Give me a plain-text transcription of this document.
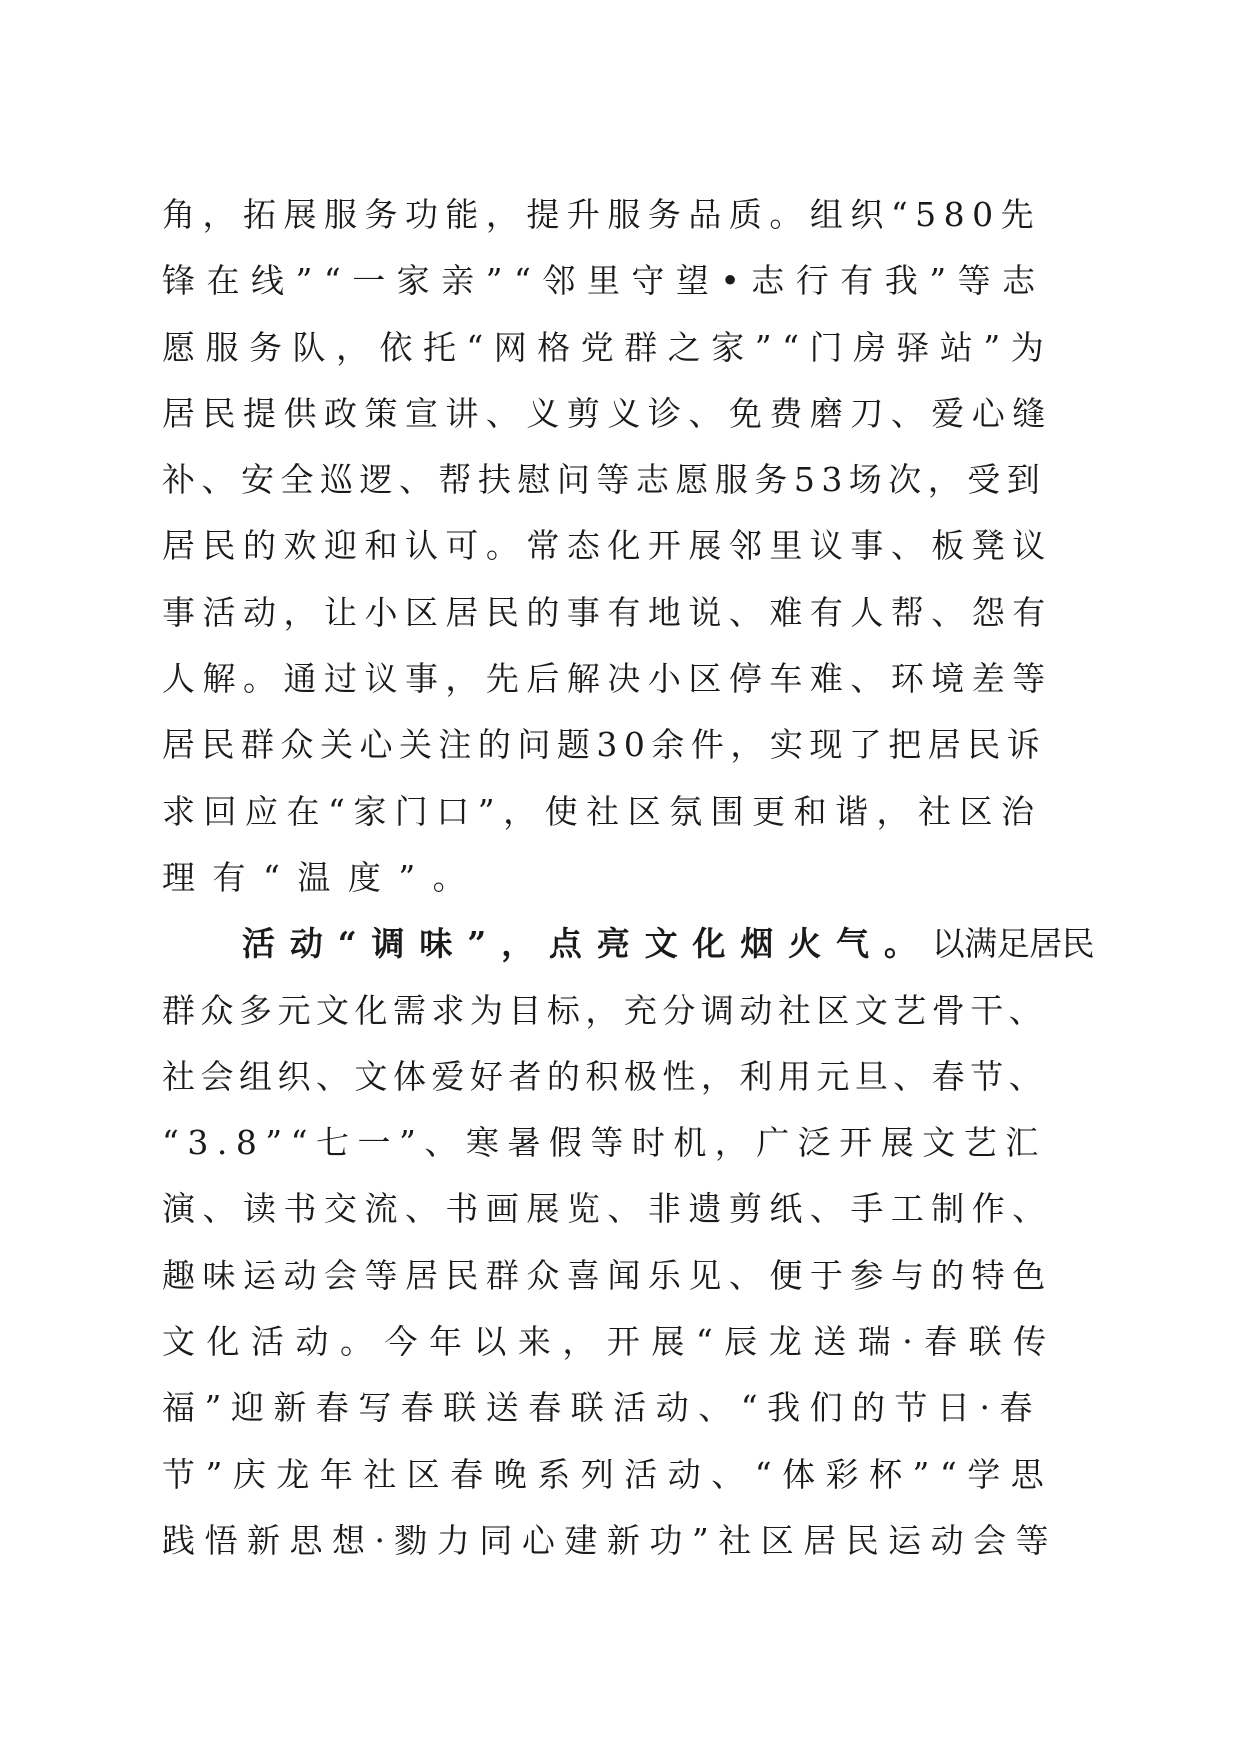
角，拓展服务功能，提升服务品质。组织“580先
锋在线”“一家亲”“邻里守望•志行有我”等志
愿服务队，依托“网格党群之家”“门房驿站”为
居民提供政策宣讲、义剪义诊、免费磨刀、爱心缝
补、安全巡逻、帮扶慰问等志愿服务53场次，受到
居民的欢迎和认可。常态化开展邻里议事、板凳议
事活动，让小区居民的事有地说、难有人帮、怨有
人解。通过议事，先后解决小区停车难、环境差等
居民群众关心关注的问题30余件，实现了把居民诉
求回应在“家门口”，使社区氛围更和谐，社区治
理有“温度”。
活动“调味”，点亮文化烟火气。以满足居民
群众多元文化需求为目标，充分调动社区文艺骨干、
社会组织、文体爱好者的积极性，利用元旦、春节、
“3.8”“七一”、寒暑假等时机，广泛开展文艺汇
演、读书交流、书画展览、非遗剪纸、手工制作、
趣味运动会等居民群众喜闻乐见、便于参与的特色
文化活动。今年以来，开展“辰龙送瑞·春联传
福”迎新春写春联送春联活动、“我们的节日·春
节”庆龙年社区春晚系列活动、“体彩杯”“学思
践悟新思想·勠力同心建新功”社区居民运动会等
